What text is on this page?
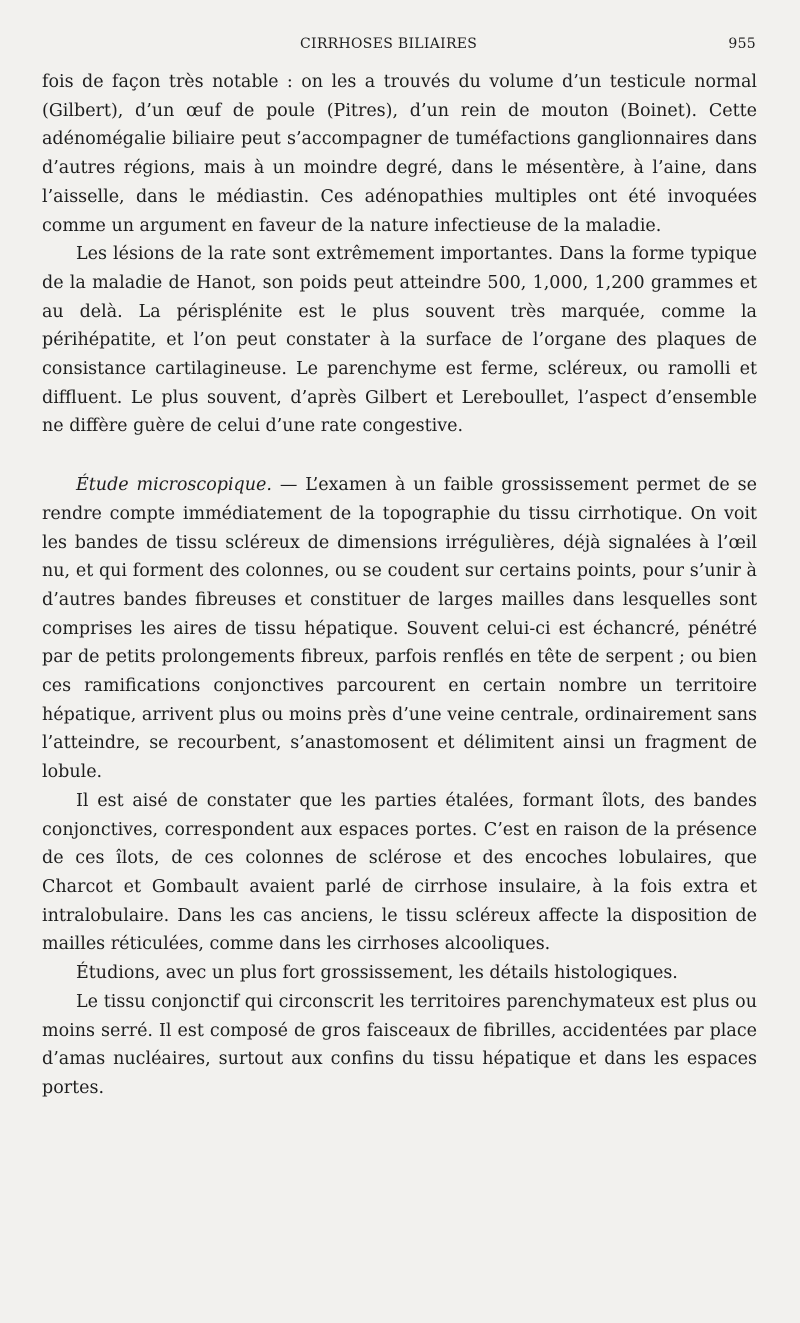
CIRRHOSES BILIAIRES	955

fois de façon très notable : on les a trouvés du volume d’un testicule normal (Gilbert), d’un œuf de poule (Pitres), d’un rein de mouton (Boinet). Cette adénomégalie biliaire peut s’accompagner de tuméfactions ganglionnaires dans d’autres régions, mais à un moindre degré, dans le mésentère, à l’aine, dans l’aisselle, dans le médiastin. Ces adénopathies multiples ont été invoquées comme un argument en faveur de la nature infectieuse de la maladie.

Les lésions de la rate sont extrêmement importantes. Dans la forme typique de la maladie de Hanot, son poids peut atteindre 500, 1,000, 1,200 grammes et au delà. La périsplénite est le plus souvent très marquée, comme la périhépatite, et l’on peut constater à la surface de l’organe des plaques de consistance cartilagineuse. Le parenchyme est ferme, scléreux, ou ramolli et diffluent. Le plus souvent, d’après Gilbert et Lereboullet, l’aspect d’ensemble ne diffère guère de celui d’une rate congestive.

Étude microscopique. — L’examen à un faible grossissement permet de se rendre compte immédiatement de la topographie du tissu cirrhotique. On voit les bandes de tissu scléreux de dimensions irrégulières, déjà signalées à l’œil nu, et qui forment des colonnes, ou se coudent sur certains points, pour s’unir à d’autres bandes fibreuses et constituer de larges mailles dans lesquelles sont comprises les aires de tissu hépatique. Souvent celui-ci est échancré, pénétré par de petits prolongements fibreux, parfois renflés en tête de serpent ; ou bien ces ramifications conjonctives parcourent en certain nombre un territoire hépatique, arrivent plus ou moins près d’une veine centrale, ordinairement sans l’atteindre, se recourbent, s’anastomosent et délimitent ainsi un fragment de lobule.

Il est aisé de constater que les parties étalées, formant îlots, des bandes conjonctives, correspondent aux espaces portes. C’est en raison de la présence de ces îlots, de ces colonnes de sclérose et des encoches lobulaires, que Charcot et Gombault avaient parlé de cirrhose insulaire, à la fois extra et intralobulaire. Dans les cas anciens, le tissu scléreux affecte la disposition de mailles réticulées, comme dans les cirrhoses alcooliques.

Étudions, avec un plus fort grossissement, les détails histologiques.

Le tissu conjonctif qui circonscrit les territoires parenchymateux est plus ou moins serré. Il est composé de gros faisceaux de fibrilles, accidentées par place d’amas nucléaires, surtout aux confins du tissu hépatique et dans les espaces portes.
